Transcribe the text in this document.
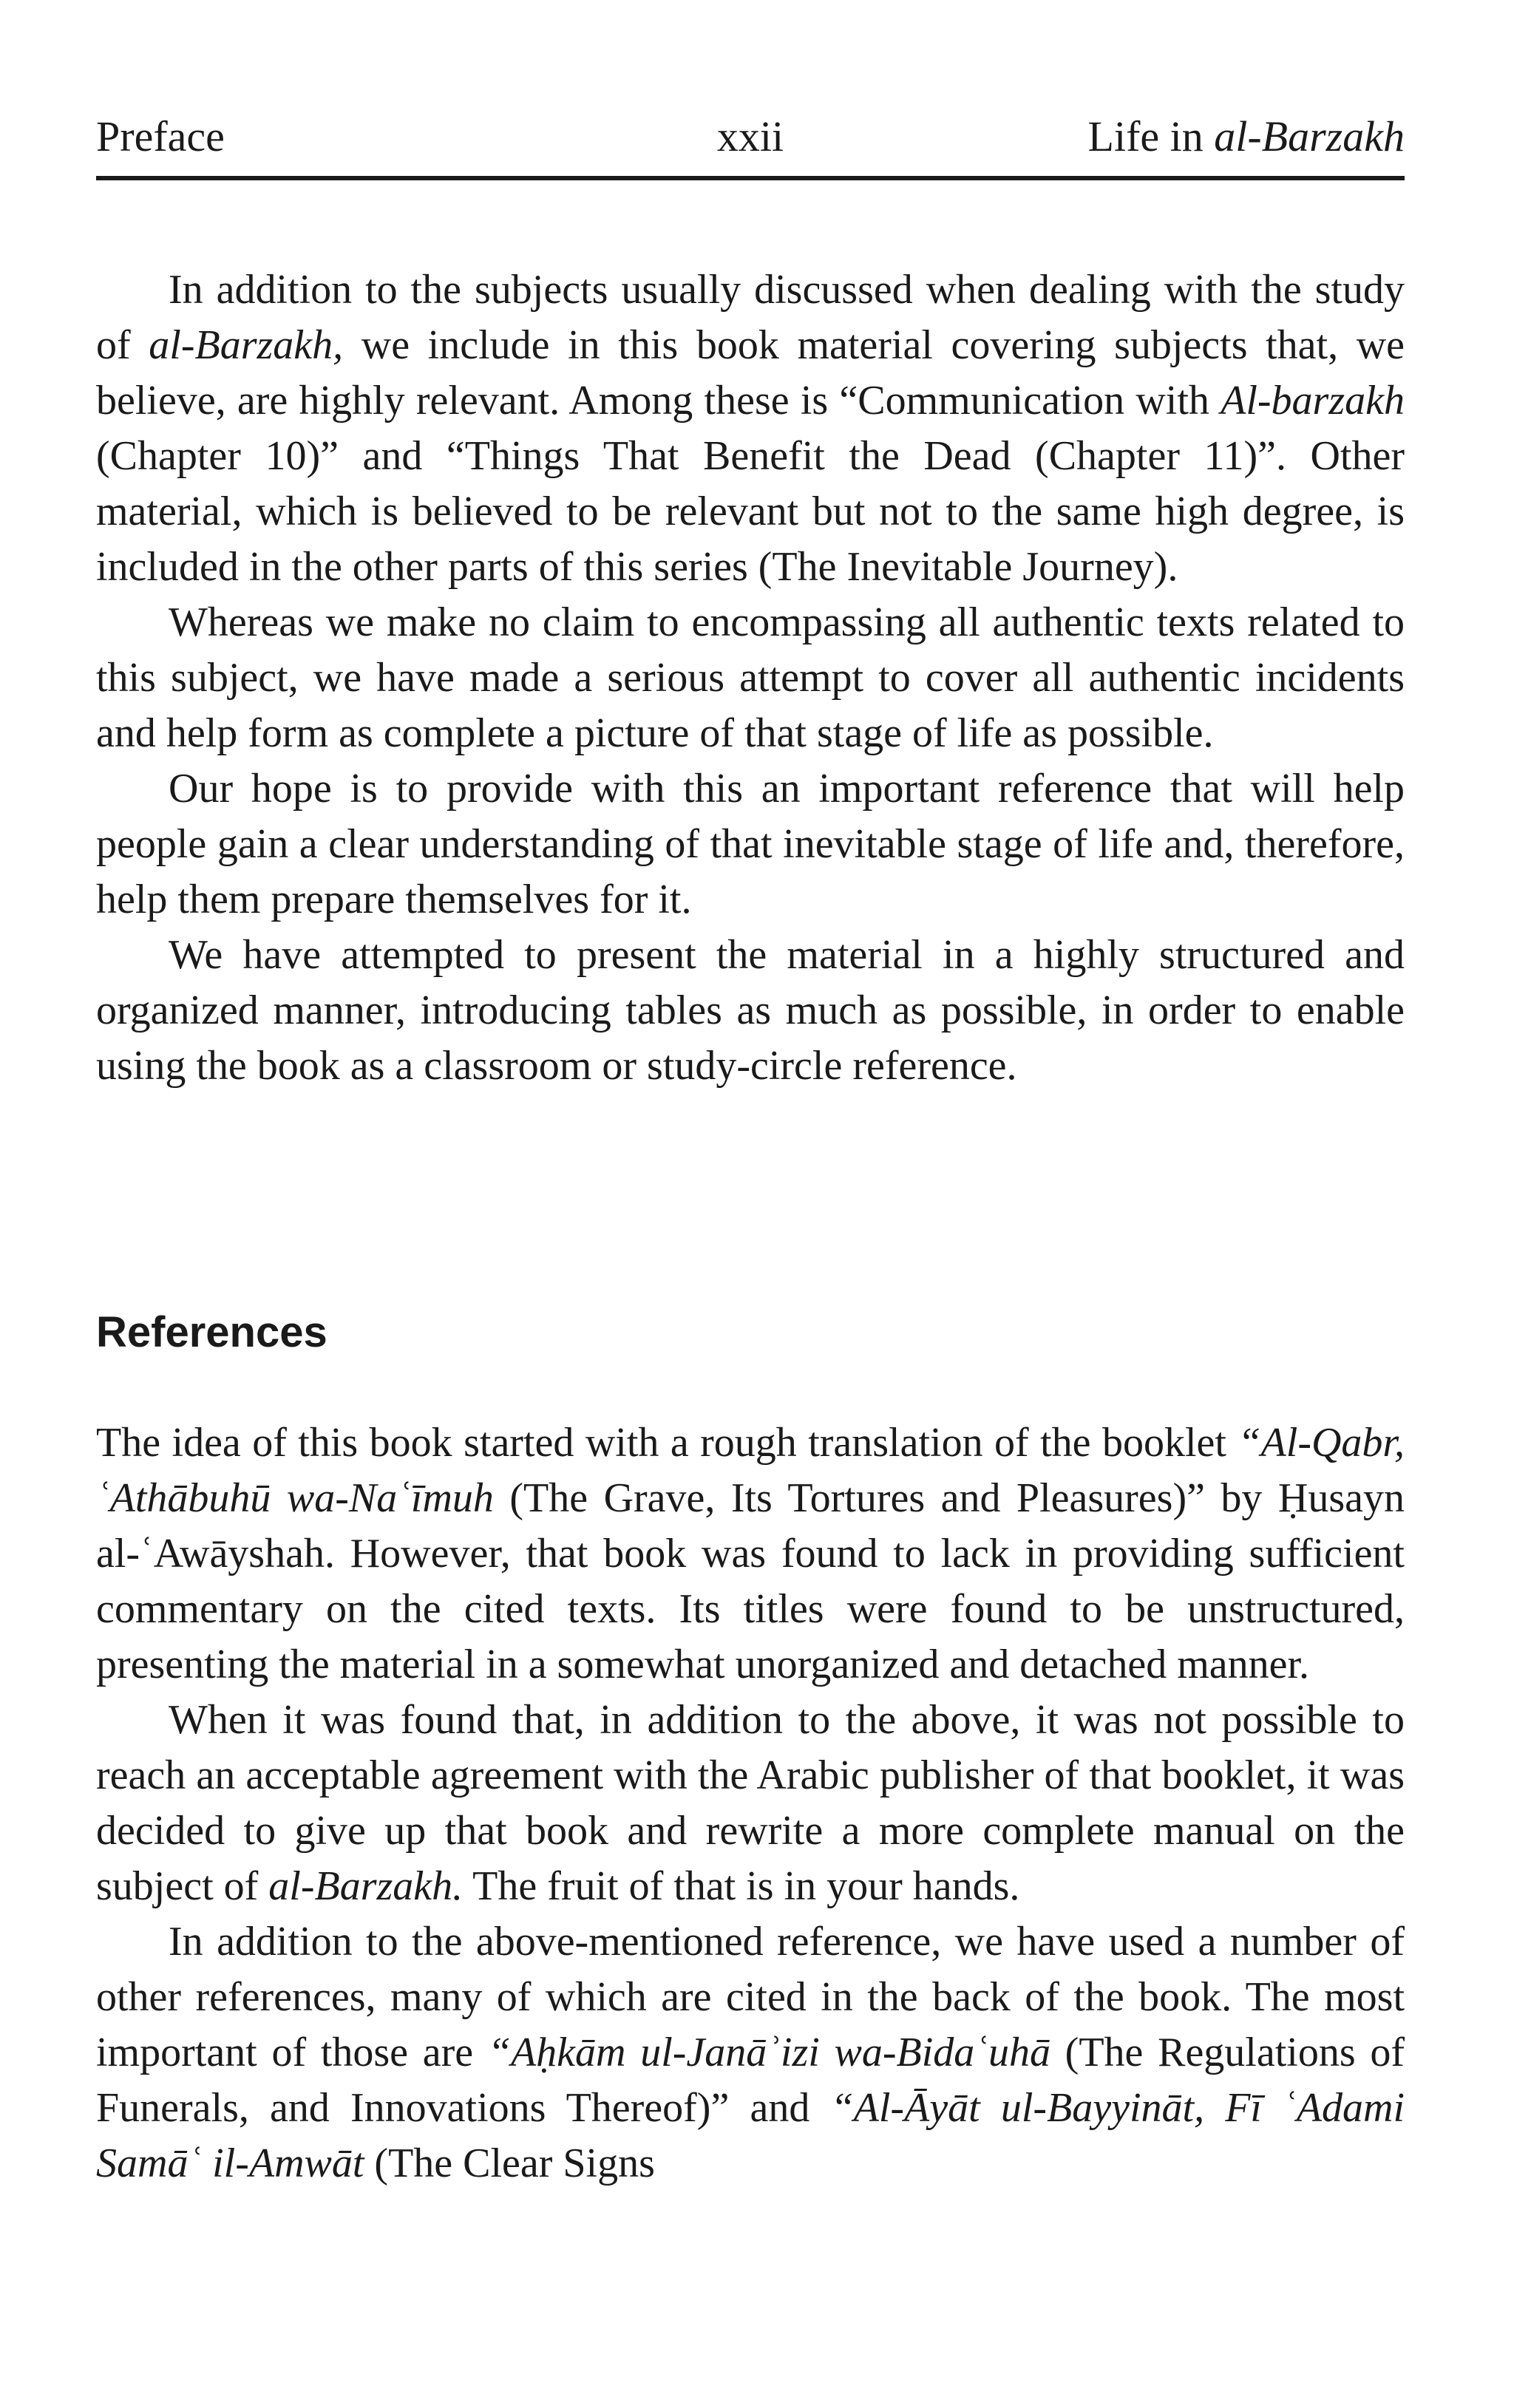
Preface	xxii	Life in al-Barzakh

In addition to the subjects usually discussed when dealing with the study of al-Barzakh, we include in this book material covering subjects that, we believe, are highly relevant. Among these is “Communication with Al-barzakh (Chapter 10)” and “Things That Benefit the Dead (Chapter 11)”. Other material, which is believed to be relevant but not to the same high degree, is included in the other parts of this series (The Inevitable Journey).

Whereas we make no claim to encompassing all authentic texts related to this subject, we have made a serious attempt to cover all authentic incidents and help form as complete a picture of that stage of life as possible.

Our hope is to provide with this an important reference that will help people gain a clear understanding of that inevitable stage of life and, therefore, help them prepare themselves for it.

We have attempted to present the material in a highly structured and organized manner, introducing tables as much as possible, in order to enable using the book as a classroom or study-circle reference.

References

The idea of this book started with a rough translation of the booklet “Al-Qabr, ʿAthābuhū wa-Naʿīmuh (The Grave, Its Tortures and Pleasures)” by Ḥusayn al-ʿAwāyshah. However, that book was found to lack in providing sufficient commentary on the cited texts. Its titles were found to be unstructured, presenting the material in a somewhat unorganized and detached manner.

When it was found that, in addition to the above, it was not possible to reach an acceptable agreement with the Arabic publisher of that booklet, it was decided to give up that book and rewrite a more complete manual on the subject of al-Barzakh. The fruit of that is in your hands.

In addition to the above-mentioned reference, we have used a number of other references, many of which are cited in the back of the book. The most important of those are “Aḥkām ul-Janāʾizi wa-Bidaʿuhā (The Regulations of Funerals, and Innovations Thereof)” and “Al-Āyāt ul-Bayyināt, Fī ʿAdami Samāʿ il-Amwāt (The Clear Signs
